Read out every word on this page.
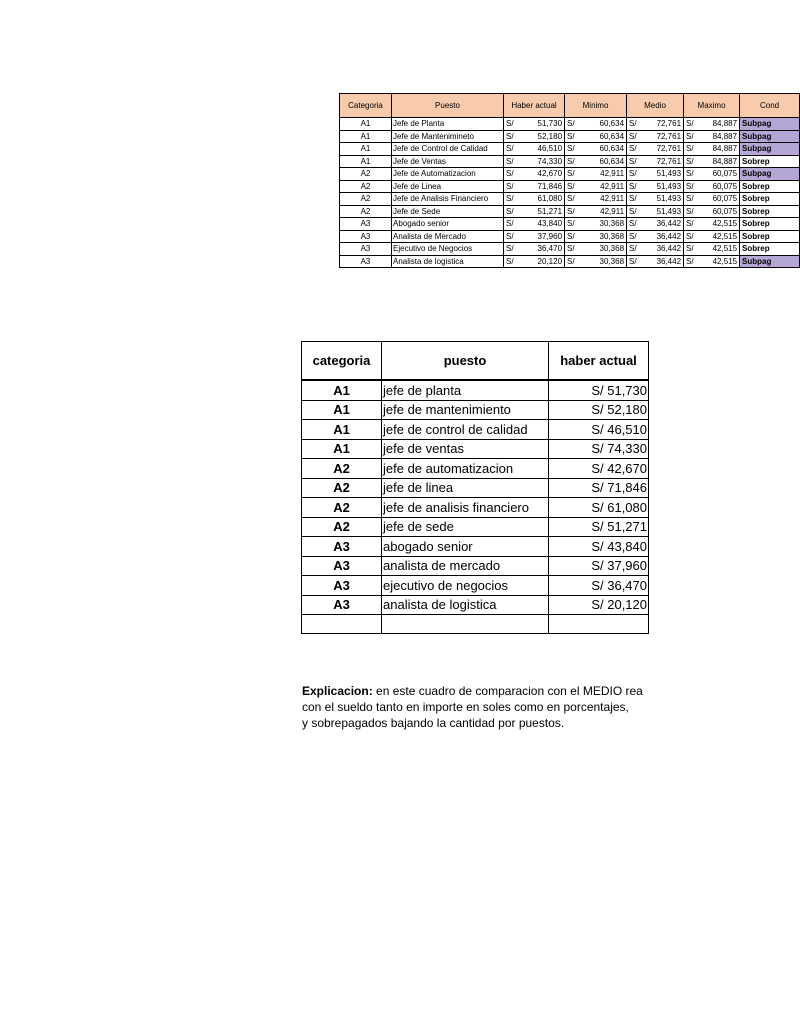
Categoria	Puesto	Haber actual		Minimo		Medio		Maximo		Cond
A1	Jefe de Planta	S/	51,730	S/	60,634	S/	72,761	S/	84,887	Subpag
A1	Jefe de Mantenimineto	S/	52,180	S/	60,634	S/	72,761	S/	84,887	Subpag
A1	Jefe de Control de Calidad	S/	46,510	S/	60,634	S/	72,761	S/	84,887	Subpag
A1	Jefe de Ventas	S/	74,330	S/	60,634	S/	72,761	S/	84,887	Sobrep
A2	Jefe de Automatizacion	S/	42,670	S/	42,911	S/	51,493	S/	60,075	Subpag
A2	Jefe de Linea	S/	71,846	S/	42,911	S/	51,493	S/	60,075	Sobrep
A2	Jefe de Analisis Financiero	S/	61,080	S/	42,911	S/	51,493	S/	60,075	Sobrep
A2	Jefe de Sede	S/	51,271	S/	42,911	S/	51,493	S/	60,075	Sobrep
A3	Abogado senior	S/	43,840	S/	30,368	S/	36,442	S/	42,515	Sobrep
A3	Analista de Mercado	S/	37,960	S/	30,368	S/	36,442	S/	42,515	Sobrep
A3	Ejecutivo de Negocios	S/	36,470	S/	30,368	S/	36,442	S/	42,515	Sobrep
A3	Analista de logistica	S/	20,120	S/	30,368	S/	36,442	S/	42,515	Subpag
categoria	puesto	haber actual
A1	jefe de planta	S/ 51,730
A1	jefe de mantenimiento	S/ 52,180
A1	jefe de control de calidad	S/ 46,510
A1	jefe de ventas	S/ 74,330
A2	jefe de automatizacion	S/ 42,670
A2	jefe de linea	S/ 71,846
A2	jefe de analisis financiero	S/ 61,080
A2	jefe de sede	S/ 51,271
A3	abogado senior	S/ 43,840
A3	analista de mercado	S/ 37,960
A3	ejecutivo de negocios	S/ 36,470
A3	analista de logistica	S/ 20,120

Explicacion: en este cuadro de comparacion con el MEDIO rea
con el sueldo tanto en importe en soles como en porcentajes,
y sobrepagados bajando la cantidad por puestos.
